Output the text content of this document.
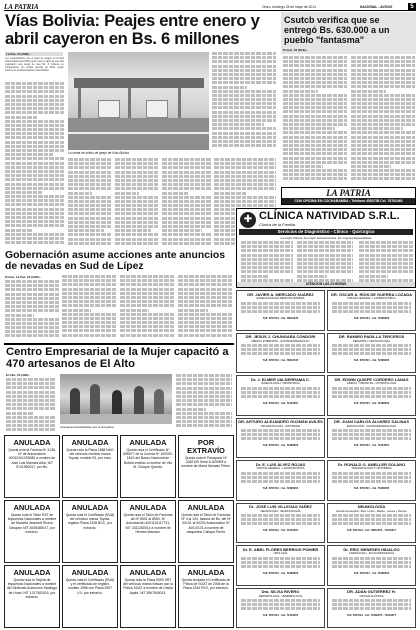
LA PATRIA	Oruro, domingo 25 de mayo de 2014	NACIONAL - AVISOS	5
Vías Bolivia: Peajes entre enero y abril cayeron en Bs. 6 millones
La Paz, 24 (ABI).-
Los recaudaciones por el pago de peajes en la Red Vial Fundamental (RVF) entre enero y abril de este año registraron una caída de casi Bs. 6 millones en comparación con similar período de 2013, según informe de la administradora Vías Bolivia.
La venta de sellos de peaje de Vías Bolivia
Csutcb verifica que se entregó Bs. 630.000 a un pueblo "fantasma"
Potosí, 24 (EFE).-
LA PATRIA
CON OFICINA EN COCHABAMBA • Teléfono 4583758 Cel. 76762460
✚ CLÍNICA NATIVIDAD S.R.L.
Clínica de la Familia
Servicios de Diagnóstico - Clínico - Quirúrgico
La mejor Clínica, los mejor Infraestructura, los mejores Especialistas
ATENCIÓN LAS 24 HORAS
Gobernación asume acciones ante anuncios de nevadas en Sud de Lípez
Potosí, La Paz, 24 (ANF).-
Centro Empresarial de la Mujer capacitó a 470 artesanos de El Alto
El Alto, 24 (ABI).-
Artesanas beneficiadas con el programa
ANULADA
Queda nula la Factura Nº 3136, Nº de Autorización 40010101253086 a nombre de José Luis Mamani Alba, NIT 5741980017, por Bs.
ANULADA
Queda nula la Placa 1888 NAG del vehículo minibús marca Toyota, modelo 93, por robo.
ANULADA
Queda nula el Certificado Nº 696077 de la Cuenta Nº 100000-1819 del Banco Nacional de Bolivia emitido a nombre de Vilo M. Choque Quenta.
POR EXTRAVÍO
Queda nula el Pasaporte Nº 3452109 Serie A-524998 a nombre de María Mamani Pérez.
ANULADA
Queda nula el Talón RAT de Impuestos Nacionales a nombre de Marcela Jeannett Rivera Vásquez NIT 3535485017, por extravío.
ANULADA
Queda nula el Certificado (RUA) del vehículo marca Toyota, registro Placa 2328 BGC, por extravío.
ANULADA
Queda nula el Talón de Facturas de Nº 8501 al 8550, Nº Autorización 4001110117731, NIT 3311280014 a nombre de Hernán Mamani.
ANULADA
Queda nula el Talón de Facturas Nº 4 al 100, factura de Bs, del Nº 00101 al 00200 Autorización Nº 40010101 a nombre de Jacqueline Callapa Flores.
ANULADA
Queda nula la Tarjeta de Impuestos Nacionales a nombre del Sindicato Autónomo Santiago de Huari, NIT 1317062016, por extravío.
ANULADA
Queda nula el Certificado (RUA) y el certificado de registro modelo 1996 con Placa 2597 LYL por extravío.
ANULADA
Queda nula la Placa 5050 SRT del vehículo marca Nissan con la Póliza SOAT a nombre de Ursilia Ayala, NIT 3967845013.
ANULADA
Queda anulada el Certificado de Póliza de SOAT de 2008 de la Placa 2334 RXX, por extravío.
DR. JAVIER A. MERCADO SUÁREZ
ESPECIALISTA EN MEDICINA INTERNA
Telf. 5254721 - Cel. 78612345
DR. ÓSCAR A. RÍOS DE GUERRA LOZADA
CIRUGÍA GENERAL Y LAPAROSCÓPICA
Telf. 5254721 - Cel. 72480956
DR. JESÚS J. CHUNGARA CONDORI
MÉDICO INTERNISTA - GASTROENTERÓLOGO
Telf. 5254721 - Cel. 78612345
DR. RAMIRO PADILLA TERCEROS
PEDIATRÍA Y NEONATOLOGÍA
Telf. 5254721 - Cel. 72480956
Dr. J. ELMER VALDERRAMA C.
GINECOLOGÍA Y OBSTETRICIA
Telf. 5254721 - Cel. 71234567
DR. EDWIN QUISPE CORDERO LANAS
GINECO - OBSTETRA - CITOPATOLOGÍA
Telf. 5254721 - Cel. 76180056
DR. ARTURO ALEJANDRO GUZMÁN AVILÉS
TRAUMATOLOGÍA - ORTOPEDIA
Telf. 5254721 - Cel. 72480956
DR. JUAN CARLOS ÁLVAREZ SALINAS
ENDOSCOPÍA - GASTROENTEROLOGÍA
Telf. 5254721 - Cel. 71234567
Dr. E. LUIS ÁLVEZ ROJAS
CIRUGÍA GENERAL - LAPAROSCÓPICA
Telf. 5254721 - Cel. 72480956
Dr. RONALD O. AMELLER SOLANO
TRAUMATOLOGÍA Y ORTOPEDIA
Telf. 5254721 - Cel. 76180056
Dr. JOSÉ LUIS VILLEGAS YAÑEZ
NEUROLOGÍA - NEUROCIRUGÍA
Telf. 5254721 - Cel. 71234567
NEUMOLOGÍA
Horario de Atención: Días: Lunes - Martes - Jueves y Viernes
Telf. 5254721 - Cel. 78610075 - 71643277
Dr. E. ABEL FLORES BERRIOS POMIER
UROLOGÍA
Telf. 5254721 - Cel. 72480956
Dr. ERIC MENESES HIDALGO
CARDIÓLOGO - ECOCARDIOGRAFÍA
Telf. 5254721 - Cel. 76180056
Dra. SILVIA RIVERO
DERMATOLOGÍA - VENEREOLOGÍA
Telf. 5254721 - Cel. 71234567
DR. ADÁN GUTIÉRREZ H.
CIRUGÍA PLÁSTICA
Telf. 5254721 - Cel. 76180075 - 71643277
